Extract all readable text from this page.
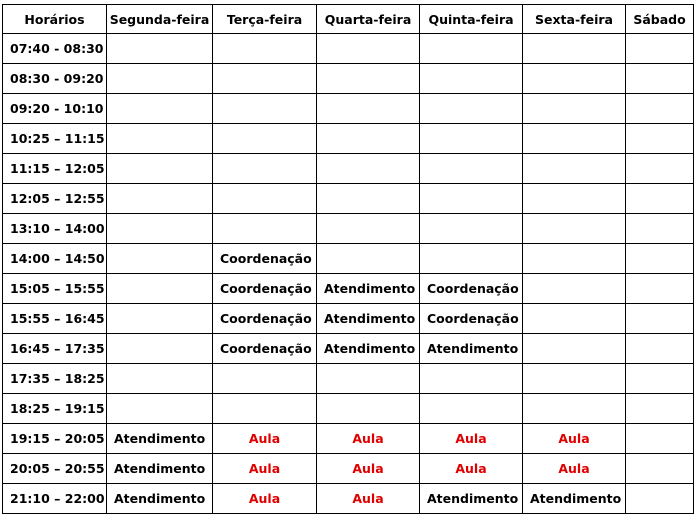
Horários	Segunda-feira	Terça-feira	Quarta-feira	Quinta-feira	Sexta-feira	Sábado
07:40 - 08:30						
08:30 - 09:20						
09:20 - 10:10						
10:25 – 11:15						
11:15 – 12:05						
12:05 – 12:55						
13:10 – 14:00						
14:00 – 14:50		Coordenação				
15:05 – 15:55		Coordenação	Atendimento	Coordenação		
15:55 – 16:45		Coordenação	Atendimento	Coordenação		
16:45 – 17:35		Coordenação	Atendimento	Atendimento		
17:35 – 18:25						
18:25 – 19:15						
19:15 – 20:05	Atendimento	Aula	Aula	Aula	Aula	
20:05 – 20:55	Atendimento	Aula	Aula	Aula	Aula	
21:10 – 22:00	Atendimento	Aula	Aula	Atendimento	Atendimento	
